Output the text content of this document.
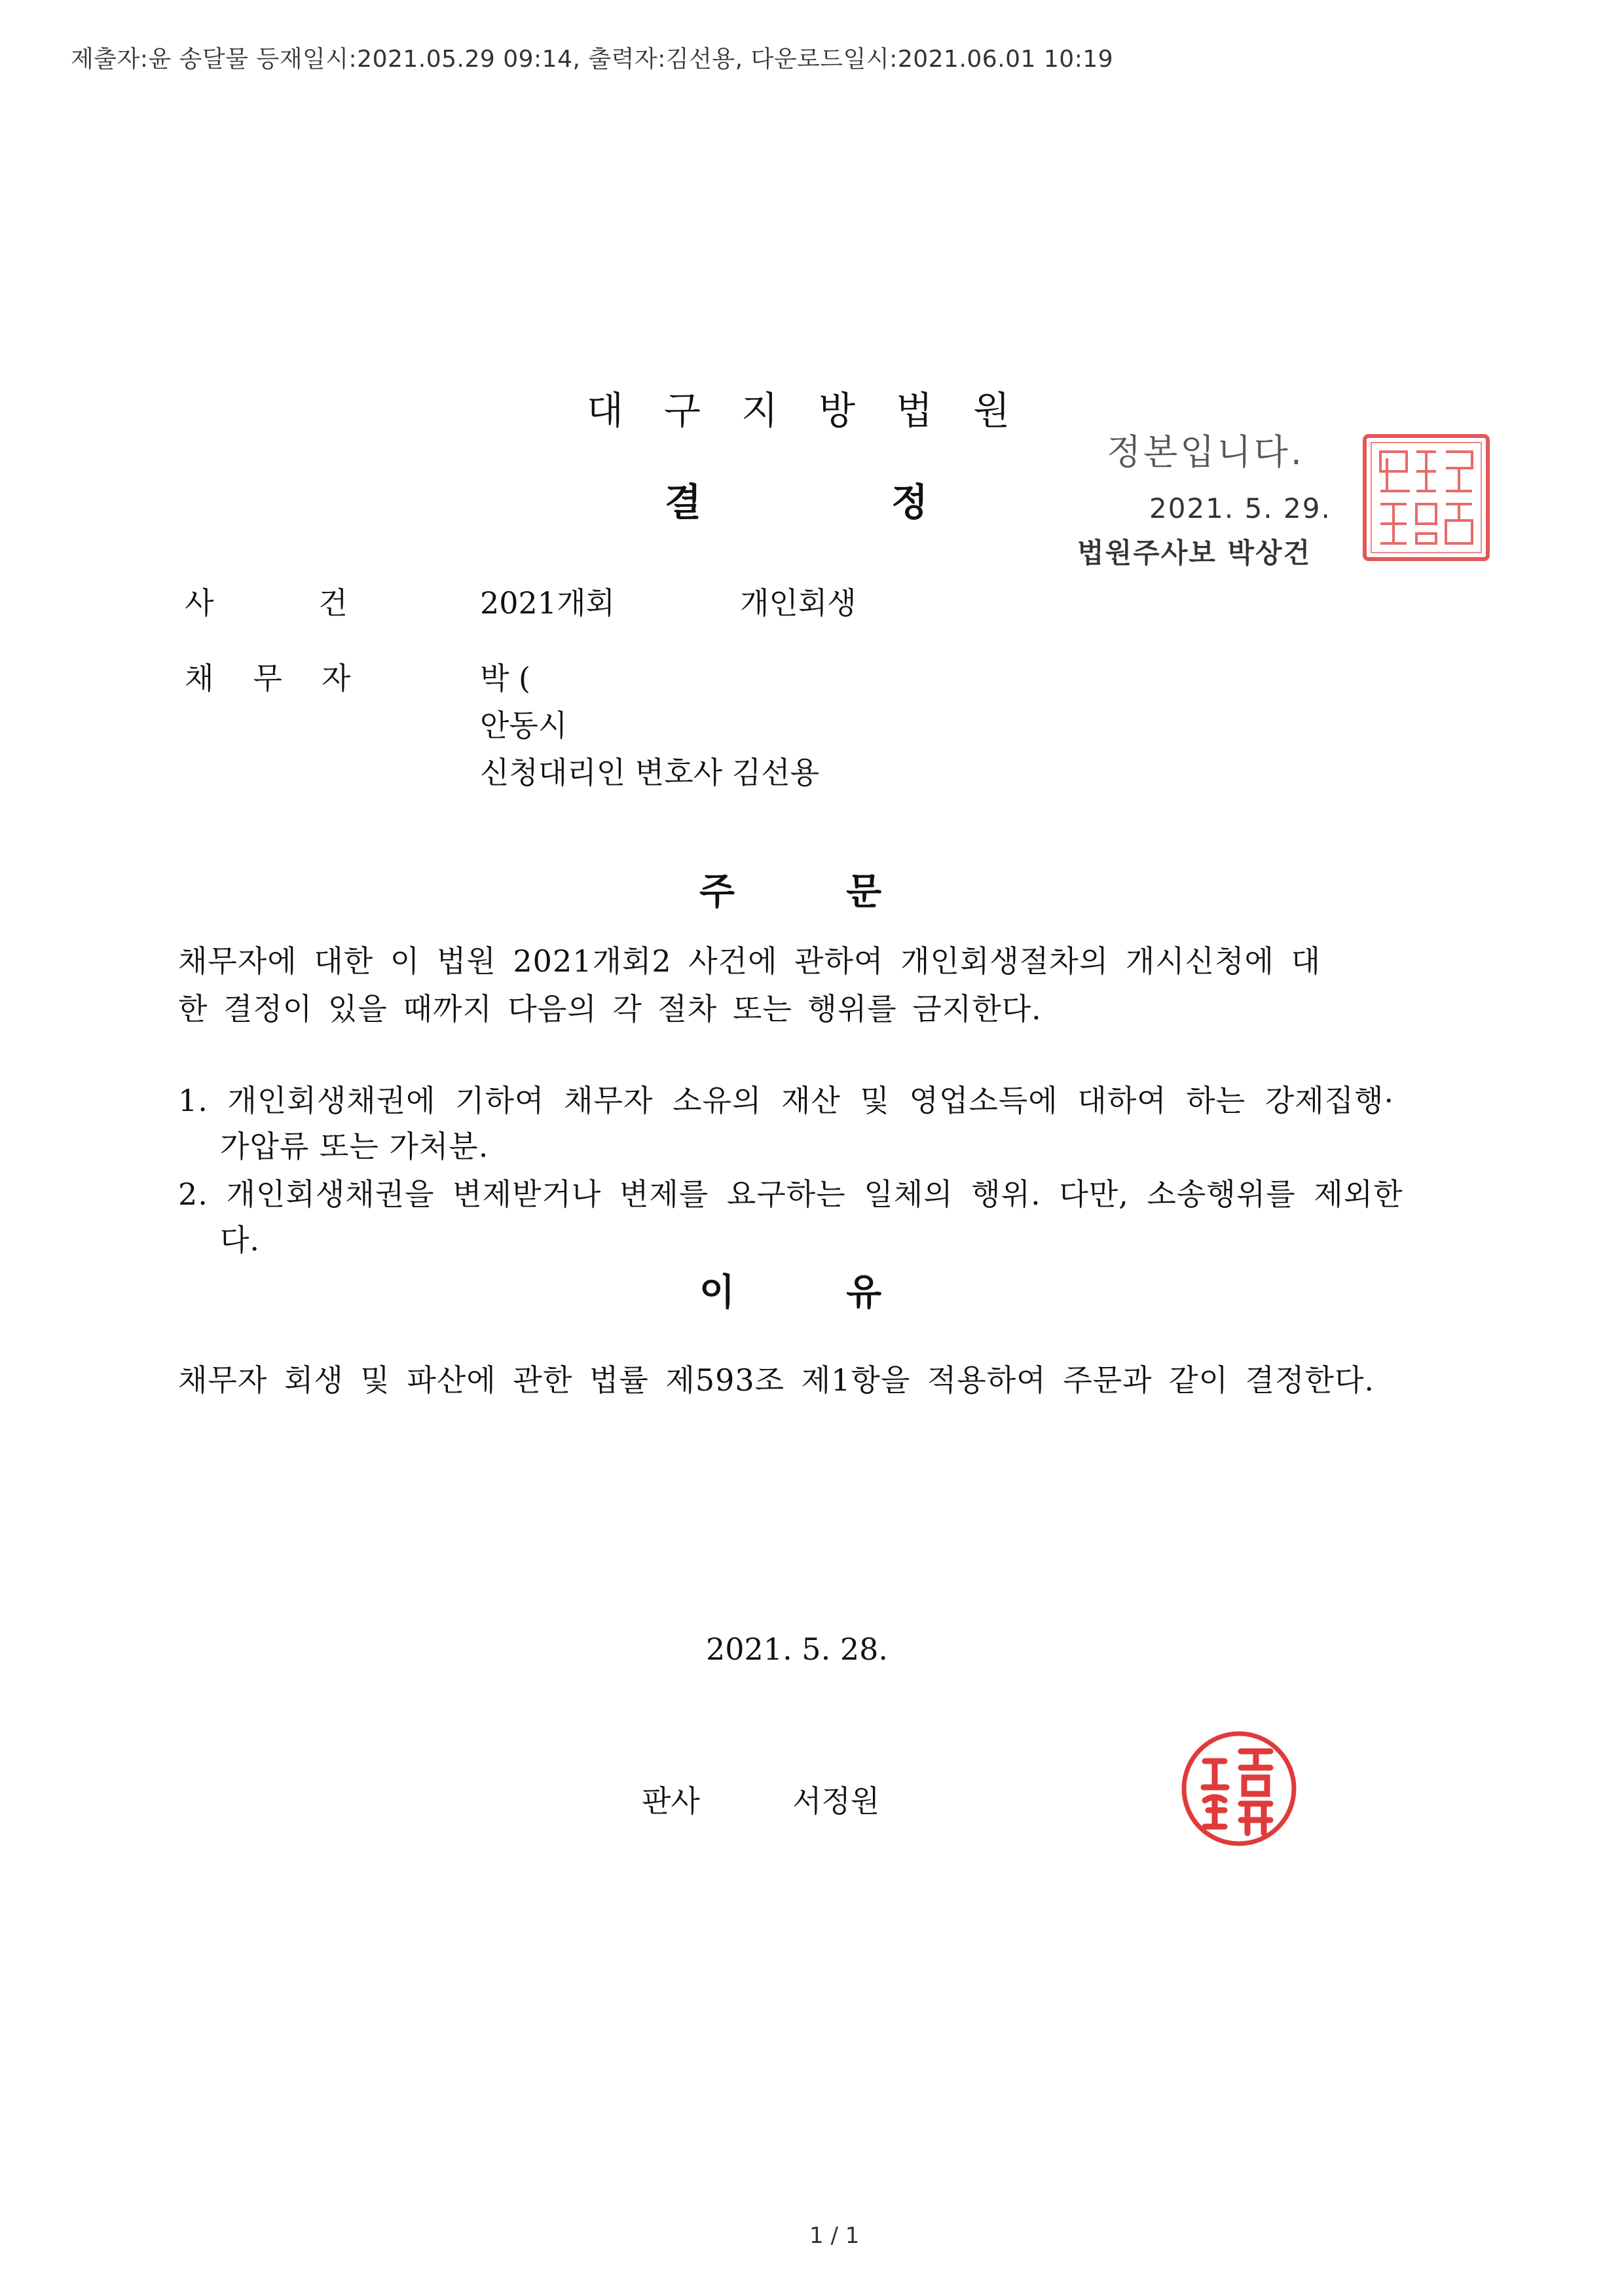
제출자:윤 송달물 등재일시:2021.05.29 09:14, 출력자:김선용, 다운로드일시:2021.06.01 10:19
대구지방법원
결정
정본입니다.
2021. 5. 29.
법원주사보 박상건
사건 2021개회	개인회생
채무자	박 (
안동시
신청대리인 변호사 김선용
주문
채무자에 대한 이 법원 2021개회2 사건에 관하여 개인회생절차의 개시신청에 대
한 결정이 있을 때까지 다음의 각 절차 또는 행위를 금지한다.
1. 개인회생채권에 기하여 채무자 소유의 재산 및 영업소득에 대하여 하는 강제집행·
가압류 또는 가처분.
2. 개인회생채권을 변제받거나 변제를 요구하는 일체의 행위. 다만, 소송행위를 제외한
다.
이유
채무자 회생 및 파산에 관한 법률 제593조 제1항을 적용하여 주문과 같이 결정한다.
2021. 5. 28.
판사	서정원
1 / 1
